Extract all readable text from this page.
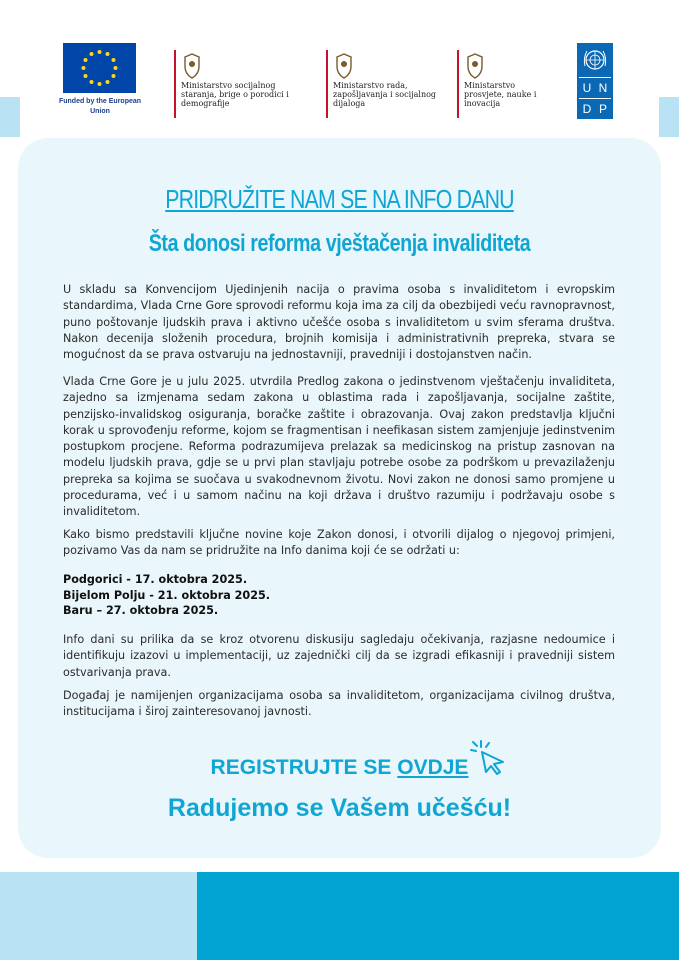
Funded by the European Union
Ministarstvo socijalnog staranja, brige o porodici i demografije
Ministarstvo rada, zapošljavanja i socijalnog dijaloga
Ministarstvo prosvjete, nauke i inovacija
U N
D P
PRIDRUŽITE NAM SE NA INFO DANU
Šta donosi reforma vještačenja invaliditeta

U skladu sa Konvencijom Ujedinjenih nacija o pravima osoba s invaliditetom i evropskim standardima, Vlada Crne Gore sprovodi reformu koja ima za cilj da obezbijedi veću ravnopravnost, puno poštovanje ljudskih prava i aktivno učešće osoba s invaliditetom u svim sferama društva. Nakon decenija složenih procedura, brojnih komisija i administrativnih prepreka, stvara se mogućnost da se prava ostvaruju na jednostavniji, pravedniji i dostojanstven način.

Vlada Crne Gore je u julu 2025. utvrdila Predlog zakona o jedinstvenom vještačenju invaliditeta, zajedno sa izmjenama sedam zakona u oblastima rada i zapošljavanja, socijalne zaštite, penzijsko-invalidskog osiguranja, boračke zaštite i obrazovanja. Ovaj zakon predstavlja ključni korak u sprovođenju reforme, kojom se fragmentisan i neefikasan sistem zamjenjuje jedinstvenim postupkom procjene. Reforma podrazumijeva prelazak sa medicinskog na pristup zasnovan na modelu ljudskih prava, gdje se u prvi plan stavljaju potrebe osobe za podrškom u prevazilaženju prepreka sa kojima se suočava u svakodnevnom životu. Novi zakon ne donosi samo promjene u procedurama, već i u samom načinu na koji država i društvo razumiju i podržavaju osobe s invaliditetom.

Kako bismo predstavili ključne novine koje Zakon donosi, i otvorili dijalog o njegovoj primjeni, pozivamo Vas da nam se pridružite na Info danima koji će se održati u:

Podgorici - 17. oktobra 2025.
Bijelom Polju - 21. oktobra 2025.
Baru – 27. oktobra 2025.

Info dani su prilika da se kroz otvorenu diskusiju sagledaju očekivanja, razjasne nedoumice i identifikuju izazovi u implementaciji, uz zajednički cilj da se izgradi efikasniji i pravedniji sistem ostvarivanja prava.

Događaj je namijenjen organizacijama osoba sa invaliditetom, organizacijama civilnog društva, institucijama i široj zainteresovanoj javnosti.

REGISTRUJTE SE OVDJE
Radujemo se Vašem učešću!
